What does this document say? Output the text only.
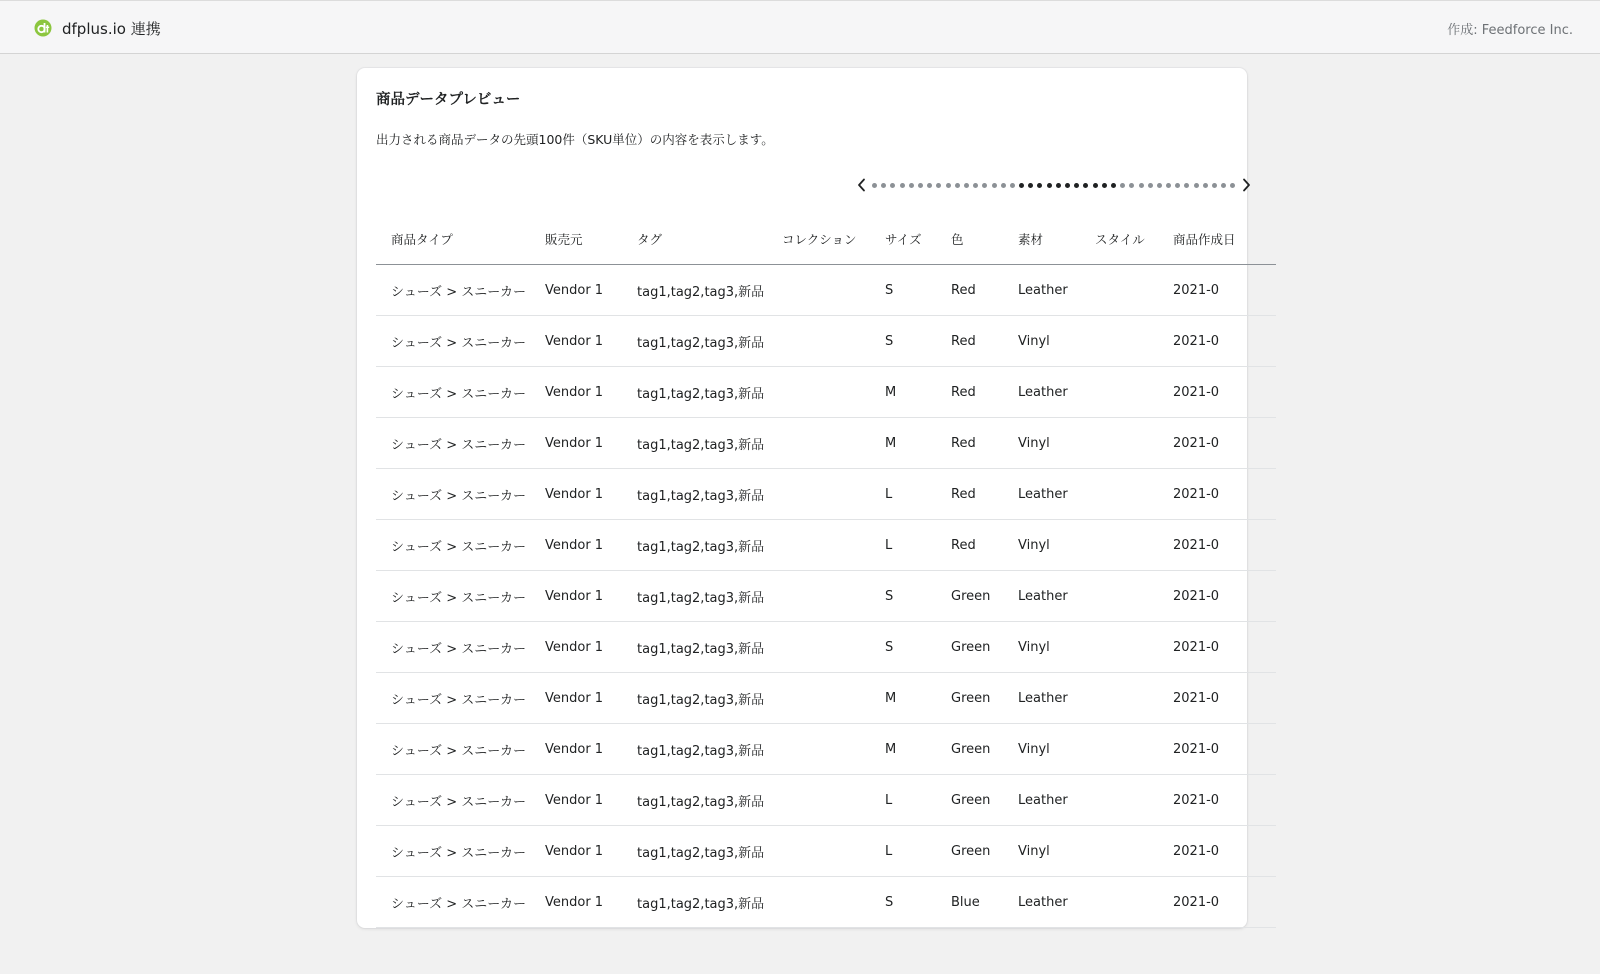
dfplus.io 連携	作成: Feedforce Inc.
商品データプレビュー
出力される商品データの先頭100件（SKU単位）の内容を表示します。
商品タイプ	販売元	タグ	コレクション	サイズ	色	素材	スタイル	商品作成日
シューズ > スニーカー	Vendor 1	tag1,tag2,tag3,新品		S	Red	Leather		2021-0
シューズ > スニーカー	Vendor 1	tag1,tag2,tag3,新品		S	Red	Vinyl		2021-0
シューズ > スニーカー	Vendor 1	tag1,tag2,tag3,新品		M	Red	Leather		2021-0
シューズ > スニーカー	Vendor 1	tag1,tag2,tag3,新品		M	Red	Vinyl		2021-0
シューズ > スニーカー	Vendor 1	tag1,tag2,tag3,新品		L	Red	Leather		2021-0
シューズ > スニーカー	Vendor 1	tag1,tag2,tag3,新品		L	Red	Vinyl		2021-0
シューズ > スニーカー	Vendor 1	tag1,tag2,tag3,新品		S	Green	Leather		2021-0
シューズ > スニーカー	Vendor 1	tag1,tag2,tag3,新品		S	Green	Vinyl		2021-0
シューズ > スニーカー	Vendor 1	tag1,tag2,tag3,新品		M	Green	Leather		2021-0
シューズ > スニーカー	Vendor 1	tag1,tag2,tag3,新品		M	Green	Vinyl		2021-0
シューズ > スニーカー	Vendor 1	tag1,tag2,tag3,新品		L	Green	Leather		2021-0
シューズ > スニーカー	Vendor 1	tag1,tag2,tag3,新品		L	Green	Vinyl		2021-0
シューズ > スニーカー	Vendor 1	tag1,tag2,tag3,新品		S	Blue	Leather		2021-0
